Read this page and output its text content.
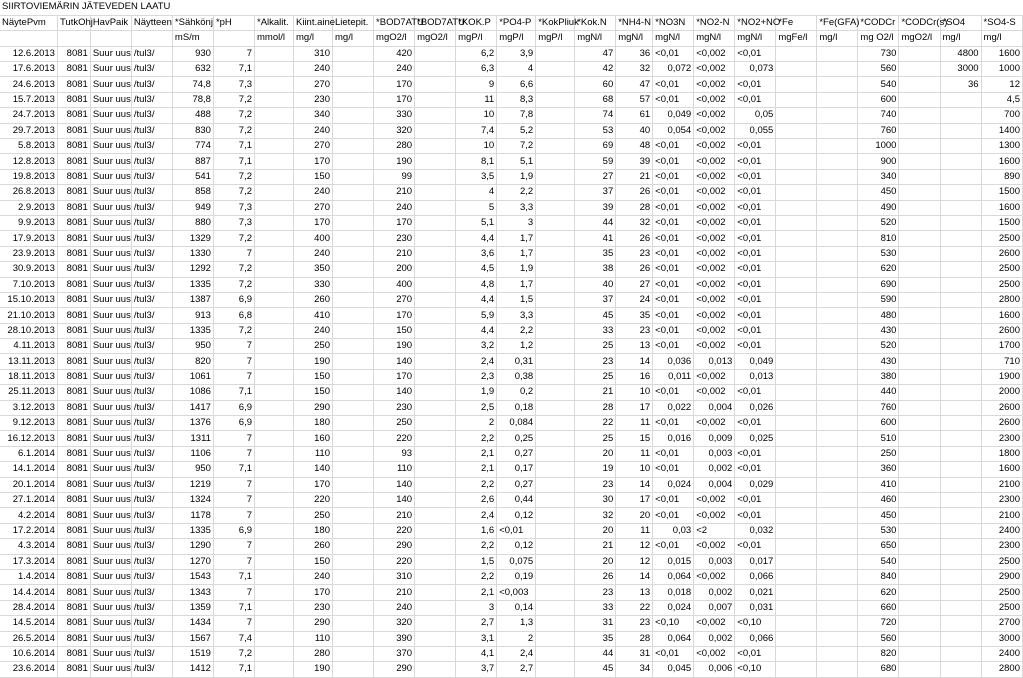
SIIRTOVIEMÄRIN JÄTEVEDEN LAATU																								
NäytePvm	TutkOhj	HavPaik	Näytteen	*Sähkönj	*pH	*Alkalit.	Kiint.aine	Lietepit.	*BOD7ATU	*BOD7ATU	*KOK.P	*PO4-P	*KokPliuk	*Kok.N	*NH4-N	*NO3N	*NO2-N	*NO2+NO	*Fe	*Fe(GFA)	*CODCr	*CODCr(s)	*SO4	*SO4-S
				mS/m		mmol/l	mg/l	mg/l	mgO2/l	mgO2/l	mgP/l	mgP/l	mgP/l	mgN/l	mgN/l	mgN/l	mgN/l	mgN/l	mgFe/l	mg/l	mg O2/l	mgO2/l	mg/l	mg/l
12.6.2013	8081	Suur uus	/tul3/	930	7		310		420		6,2	3,9		47	36	<0,01	<0,002	<0,01			730		4800	1600
17.6.2013	8081	Suur uus	/tul3/	632	7,1		240		240		6,3	4		42	32	0,072	<0,002	0,073			560		3000	1000
24.6.2013	8081	Suur uus	/tul3/	74,8	7,3		270		170		9	6,6		60	47	<0,01	<0,002	<0,01			540		36	12
15.7.2013	8081	Suur uus	/tul3/	78,8	7,2		230		170		11	8,3		68	57	<0,01	<0,002	<0,01			600			4,5
24.7.2013	8081	Suur uus	/tul3/	488	7,2		340		330		10	7,8		74	61	0,049	<0,002	0,05			740			700
29.7.2013	8081	Suur uus	/tul3/	830	7,2		240		320		7,4	5,2		53	40	0,054	<0,002	0,055			760			1400
5.8.2013	8081	Suur uus	/tul3/	774	7,1		270		280		10	7,2		69	48	<0,01	<0,002	<0,01			1000			1300
12.8.2013	8081	Suur uus	/tul3/	887	7,1		170		190		8,1	5,1		59	39	<0,01	<0,002	<0,01			900			1600
19.8.2013	8081	Suur uus	/tul3/	541	7,2		150		99		3,5	1,9		27	21	<0,01	<0,002	<0,01			340			890
26.8.2013	8081	Suur uus	/tul3/	858	7,2		240		210		4	2,2		37	26	<0,01	<0,002	<0,01			450			1500
2.9.2013	8081	Suur uus	/tul3/	949	7,3		270		240		5	3,3		39	28	<0,01	<0,002	<0,01			490			1600
9.9.2013	8081	Suur uus	/tul3/	880	7,3		170		170		5,1	3		44	32	<0,01	<0,002	<0,01			520			1500
17.9.2013	8081	Suur uus	/tul3/	1329	7,2		400		230		4,4	1,7		41	26	<0,01	<0,002	<0,01			810			2500
23.9.2013	8081	Suur uus	/tul3/	1330	7		240		210		3,6	1,7		35	23	<0,01	<0,002	<0,01			530			2600
30.9.2013	8081	Suur uus	/tul3/	1292	7,2		350		200		4,5	1,9		38	26	<0,01	<0,002	<0,01			620			2500
7.10.2013	8081	Suur uus	/tul3/	1335	7,2		330		400		4,8	1,7		40	27	<0,01	<0,002	<0,01			690			2500
15.10.2013	8081	Suur uus	/tul3/	1387	6,9		260		270		4,4	1,5		37	24	<0,01	<0,002	<0,01			590			2800
21.10.2013	8081	Suur uus	/tul3/	913	6,8		410		170		5,9	3,3		45	35	<0,01	<0,002	<0,01			480			1600
28.10.2013	8081	Suur uus	/tul3/	1335	7,2		240		150		4,4	2,2		33	23	<0,01	<0,002	<0,01			430			2600
4.11.2013	8081	Suur uus	/tul3/	950	7		250		190		3,2	1,2		25	13	<0,01	<0,002	<0,01			520			1700
13.11.2013	8081	Suur uus	/tul3/	820	7		190		140		2,4	0,31		23	14	0,036	0,013	0,049			430			710
18.11.2013	8081	Suur uus	/tul3/	1061	7		150		170		2,3	0,38		25	16	0,011	<0,002	0,013			380			1900
25.11.2013	8081	Suur uus	/tul3/	1086	7,1		150		140		1,9	0,2		21	10	<0,01	<0,002	<0,01			440			2000
3.12.2013	8081	Suur uus	/tul3/	1417	6,9		290		230		2,5	0,18		28	17	0,022	0,004	0,026			760			2600
9.12.2013	8081	Suur uus	/tul3/	1376	6,9		180		250		2	0,084		22	11	<0,01	<0,002	<0,01			600			2600
16.12.2013	8081	Suur uus	/tul3/	1311	7		160		220		2,2	0,25		25	15	0,016	0,009	0,025			510			2300
6.1.2014	8081	Suur uus	/tul3/	1106	7		110		93		2,1	0,27		20	11	<0,01	0,003	<0,01			250			1800
14.1.2014	8081	Suur uus	/tul3/	950	7,1		140		110		2,1	0,17		19	10	<0,01	0,002	<0,01			360			1600
20.1.2014	8081	Suur uus	/tul3/	1219	7		170		140		2,2	0,27		23	14	0,024	0,004	0,029			410			2100
27.1.2014	8081	Suur uus	/tul3/	1324	7		220		140		2,6	0,44		30	17	<0,01	<0,002	<0,01			460			2300
4.2.2014	8081	Suur uus	/tul3/	1178	7		250		210		2,4	0,12		32	20	<0,01	<0,002	<0,01			450			2100
17.2.2014	8081	Suur uus	/tul3/	1335	6,9		180		220		1,6	<0,01		20	11	0,03	<2	0,032			530			2400
4.3.2014	8081	Suur uus	/tul3/	1290	7		260		290		2,2	0,12		21	12	<0,01	<0,002	<0,01			650			2300
17.3.2014	8081	Suur uus	/tul3/	1270	7		150		220		1,5	0,075		20	12	0,015	0,003	0,017			540			2500
1.4.2014	8081	Suur uus	/tul3/	1543	7,1		240		310		2,2	0,19		26	14	0,064	<0,002	0,066			840			2900
14.4.2014	8081	Suur uus	/tul3/	1343	7		170		210		2,1	<0,003		23	13	0,018	0,002	0,021			620			2500
28.4.2014	8081	Suur uus	/tul3/	1359	7,1		230		240		3	0,14		33	22	0,024	0,007	0,031			660			2500
14.5.2014	8081	Suur uus	/tul3/	1434	7		290		320		2,7	1,3		31	23	<0,10	<0,002	<0,10			720			2700
26.5.2014	8081	Suur uus	/tul3/	1567	7,4		110		390		3,1	2		35	28	0,064	0,002	0,066			560			3000
10.6.2014	8081	Suur uus	/tul3/	1519	7,2		280		370		4,1	2,4		44	31	<0,01	<0,002	<0,01			820			2400
23.6.2014	8081	Suur uus	/tul3/	1412	7,1		190		290		3,7	2,7		45	34	0,045	0,006	<0,10			680			2800
